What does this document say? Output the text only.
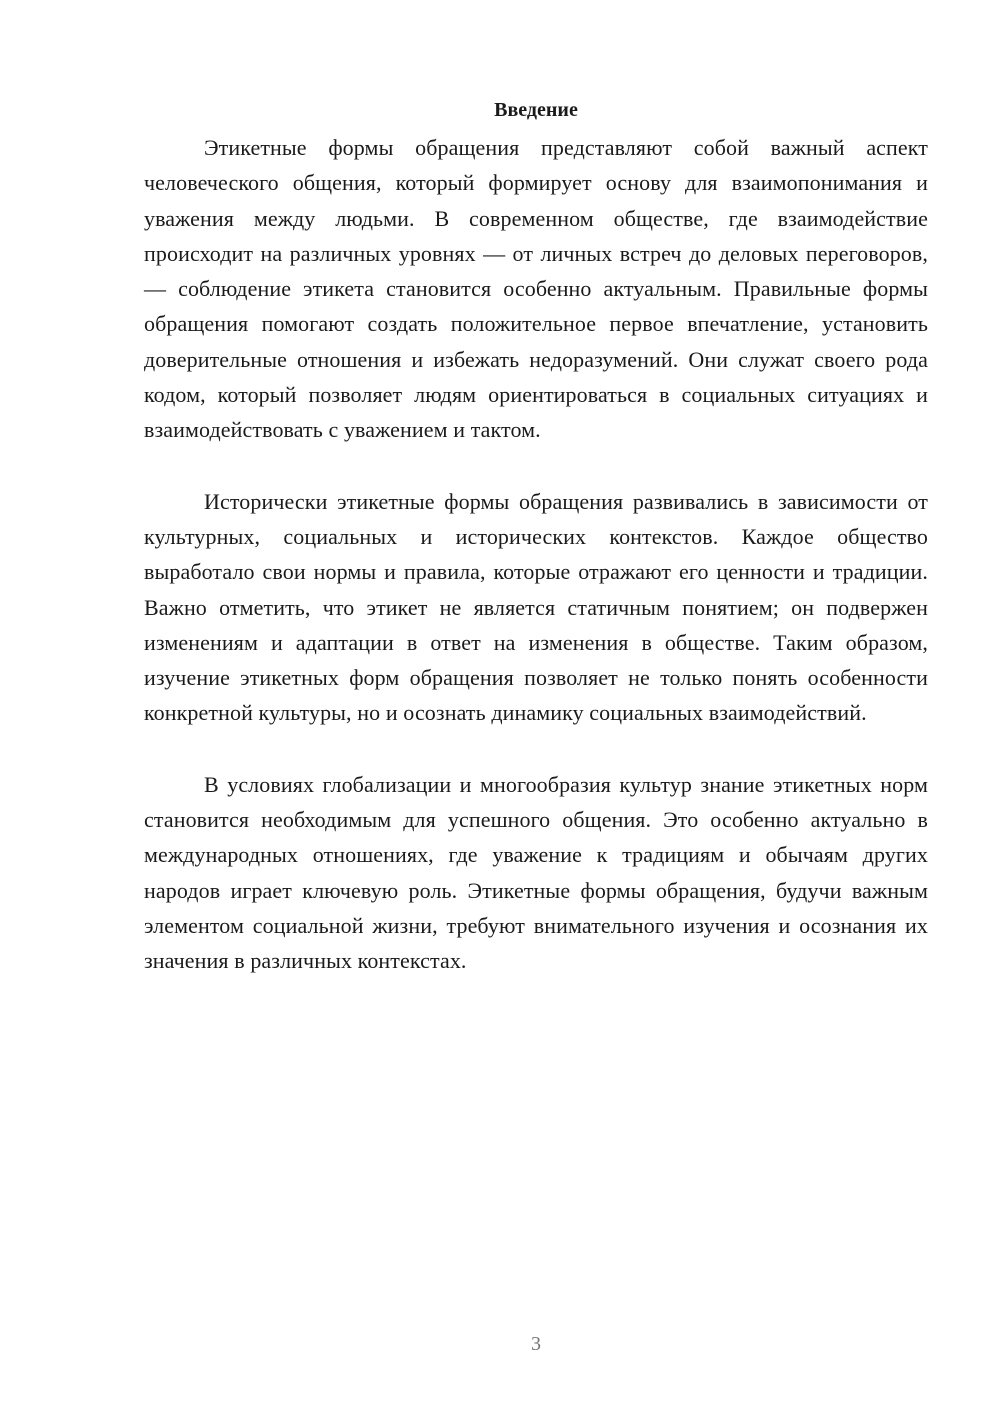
Введение

Этикетные формы обращения представляют собой важный аспект человеческого общения, который формирует основу для взаимопонимания и уважения между людьми. В современном обществе, где взаимодействие происходит на различных уровнях — от личных встреч до деловых переговоров, — соблюдение этикета становится особенно актуальным. Правильные формы обращения помогают создать положительное первое впечатление, установить доверительные отношения и избежать недоразумений. Они служат своего рода кодом, который позволяет людям ориентироваться в социальных ситуациях и взаимодействовать с уважением и тактом.

Исторически этикетные формы обращения развивались в зависимости от культурных, социальных и исторических контекстов. Каждое общество выработало свои нормы и правила, которые отражают его ценности и традиции. Важно отметить, что этикет не является статичным понятием; он подвержен изменениям и адаптации в ответ на изменения в обществе. Таким образом, изучение этикетных форм обращения позволяет не только понять особенности конкретной культуры, но и осознать динамику социальных взаимодействий.

В условиях глобализации и многообразия культур знание этикетных норм становится необходимым для успешного общения. Это особенно актуально в международных отношениях, где уважение к традициям и обычаям других народов играет ключевую роль. Этикетные формы обращения, будучи важным элементом социальной жизни, требуют внимательного изучения и осознания их значения в различных контекстах.

3
